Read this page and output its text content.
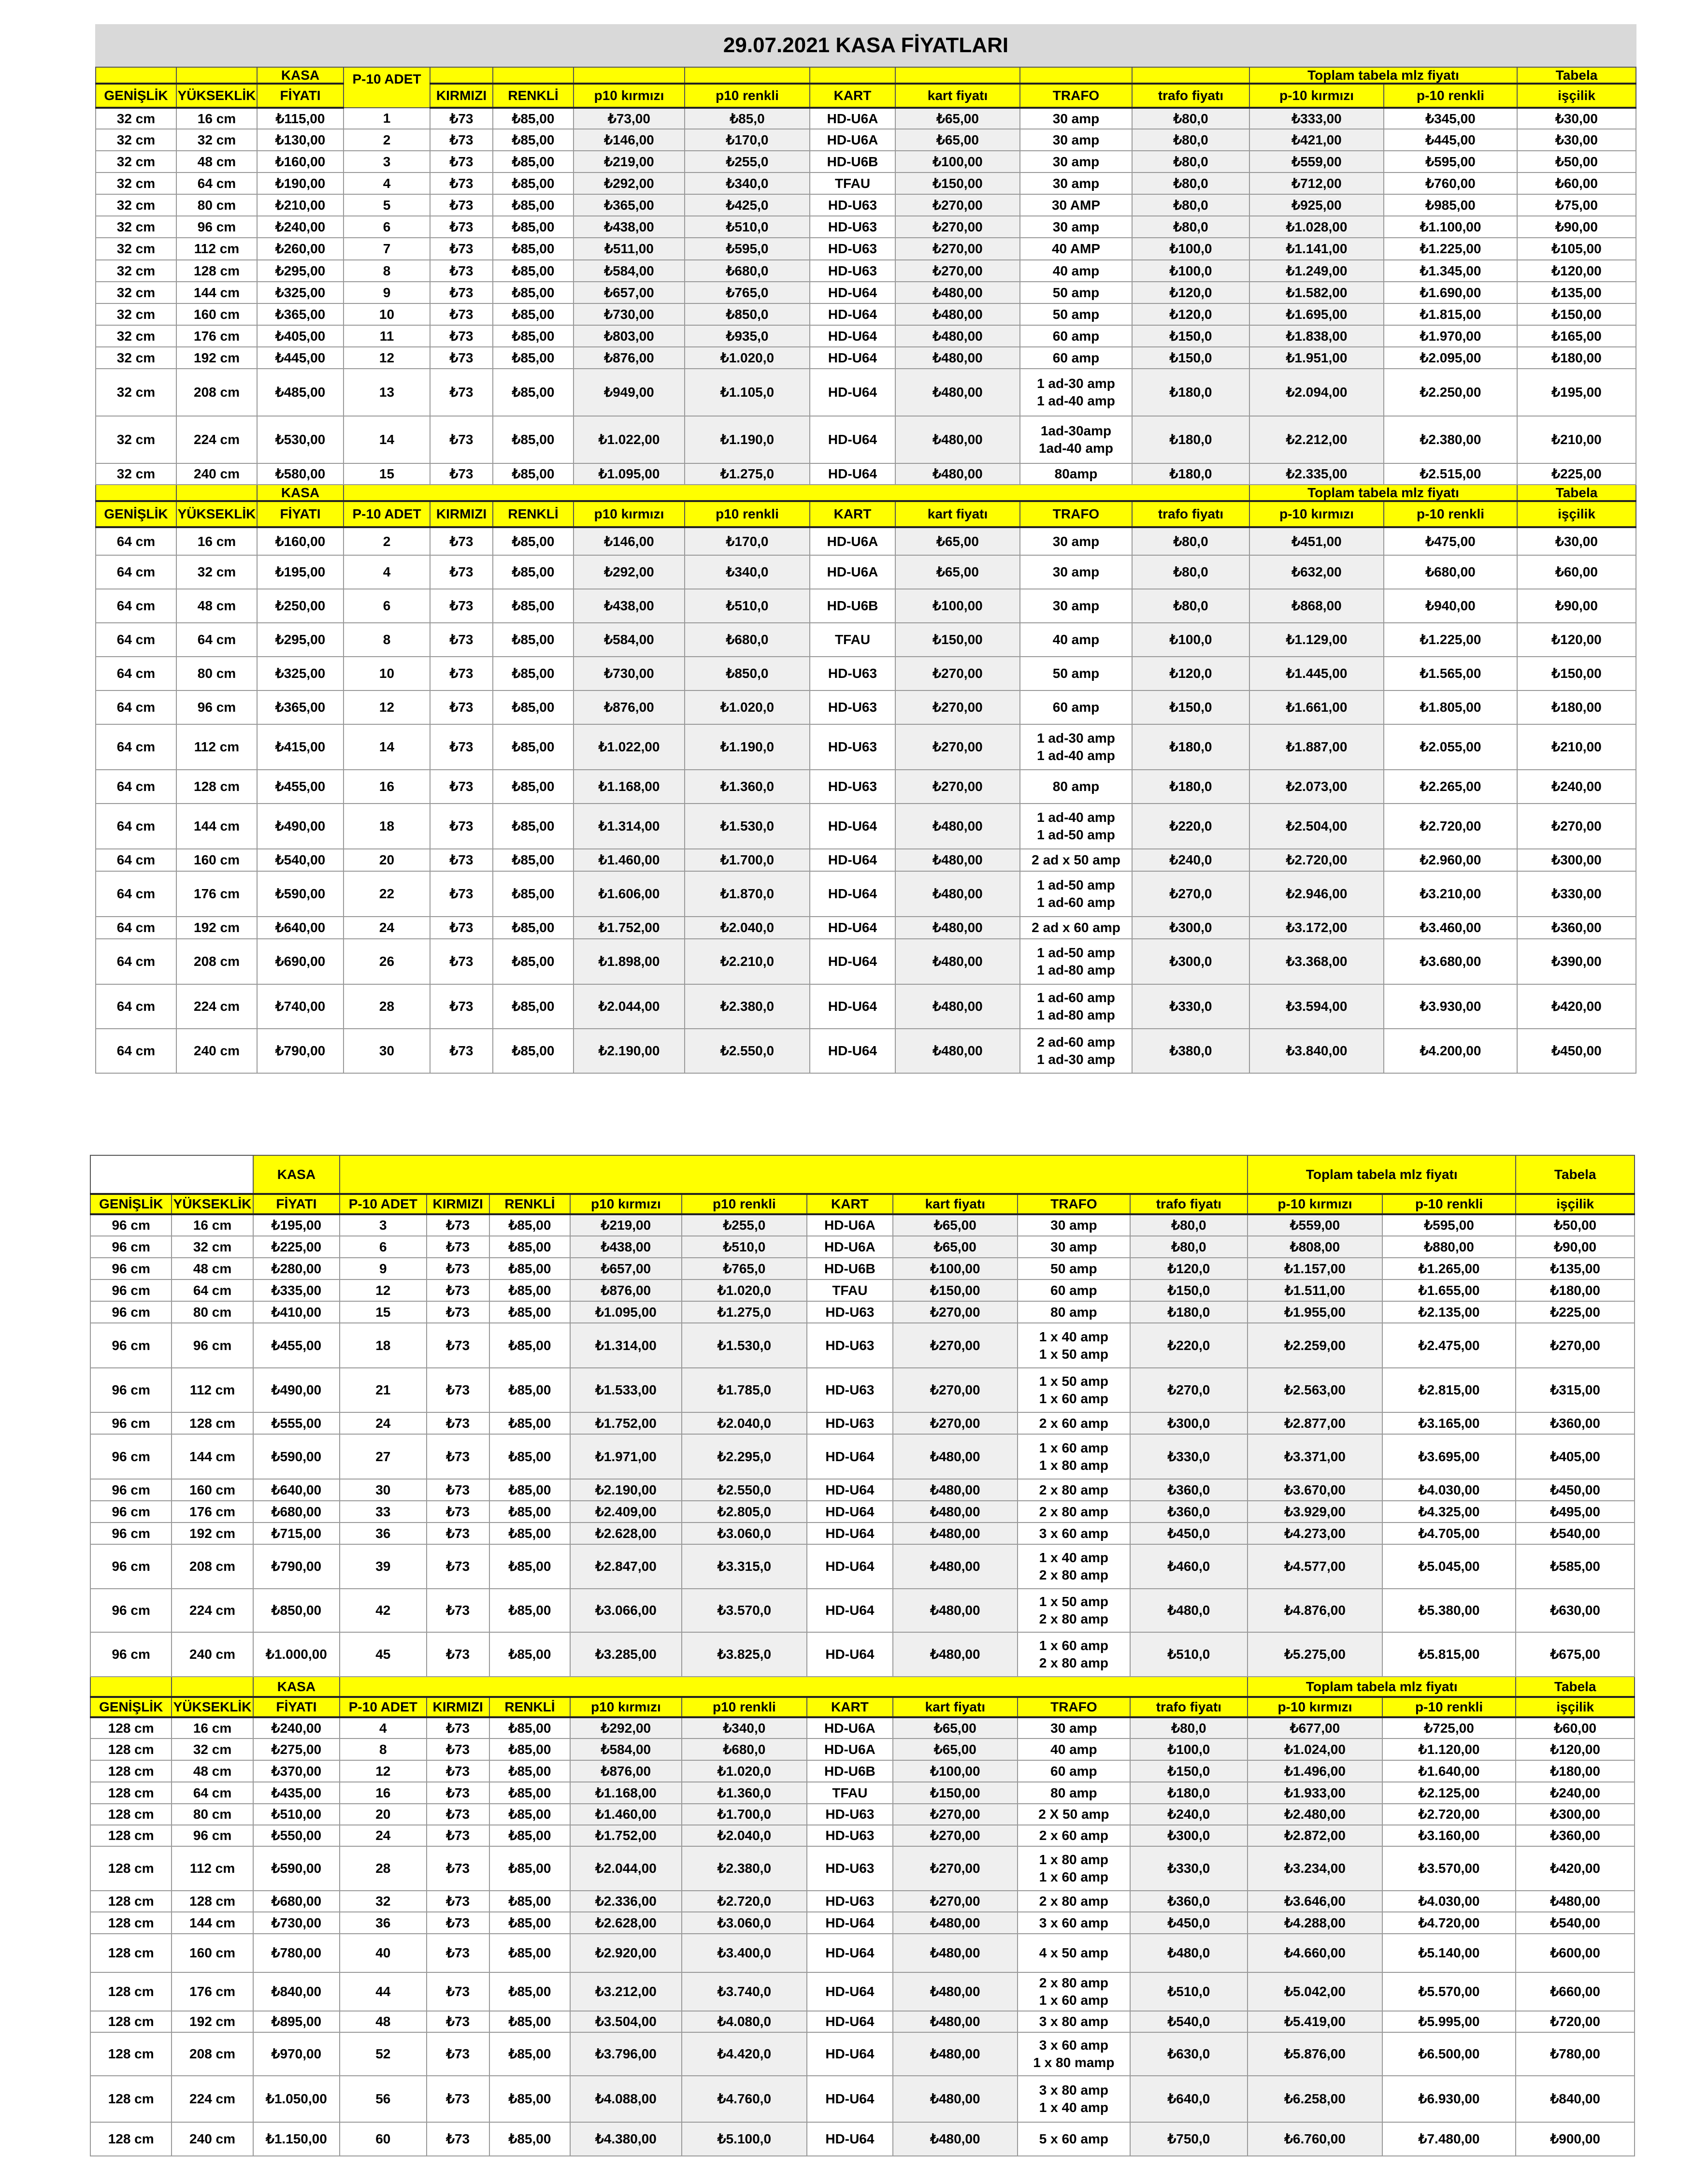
29.07.2021 KASA FİYATLARI
		KASA	P-10 ADET									Toplam tabela mlz fiyatı		Tabela
GENİŞLİK	YÜKSEKLİK	FİYATI		KIRMIZI	RENKLİ	p10 kırmızı	p10 renkli	KART	kart fiyatı	TRAFO	trafo fiyatı	p-10 kırmızı	p-10 renkli	işçilik
32 cm	16 cm	₺115,00	1	₺73	₺85,00	₺73,00	₺85,0	HD-U6A	₺65,00	30 amp	₺80,0	₺333,00	₺345,00	₺30,00
32 cm	32 cm	₺130,00	2	₺73	₺85,00	₺146,00	₺170,0	HD-U6A	₺65,00	30 amp	₺80,0	₺421,00	₺445,00	₺30,00
32 cm	48 cm	₺160,00	3	₺73	₺85,00	₺219,00	₺255,0	HD-U6B	₺100,00	30 amp	₺80,0	₺559,00	₺595,00	₺50,00
32 cm	64 cm	₺190,00	4	₺73	₺85,00	₺292,00	₺340,0	TFAU	₺150,00	30 amp	₺80,0	₺712,00	₺760,00	₺60,00
32 cm	80 cm	₺210,00	5	₺73	₺85,00	₺365,00	₺425,0	HD-U63	₺270,00	30 AMP	₺80,0	₺925,00	₺985,00	₺75,00
32 cm	96 cm	₺240,00	6	₺73	₺85,00	₺438,00	₺510,0	HD-U63	₺270,00	30 amp	₺80,0	₺1.028,00	₺1.100,00	₺90,00
32 cm	112 cm	₺260,00	7	₺73	₺85,00	₺511,00	₺595,0	HD-U63	₺270,00	40 AMP	₺100,0	₺1.141,00	₺1.225,00	₺105,00
32 cm	128 cm	₺295,00	8	₺73	₺85,00	₺584,00	₺680,0	HD-U63	₺270,00	40 amp	₺100,0	₺1.249,00	₺1.345,00	₺120,00
32 cm	144 cm	₺325,00	9	₺73	₺85,00	₺657,00	₺765,0	HD-U64	₺480,00	50 amp	₺120,0	₺1.582,00	₺1.690,00	₺135,00
32 cm	160 cm	₺365,00	10	₺73	₺85,00	₺730,00	₺850,0	HD-U64	₺480,00	50 amp	₺120,0	₺1.695,00	₺1.815,00	₺150,00
32 cm	176 cm	₺405,00	11	₺73	₺85,00	₺803,00	₺935,0	HD-U64	₺480,00	60 amp	₺150,0	₺1.838,00	₺1.970,00	₺165,00
32 cm	192 cm	₺445,00	12	₺73	₺85,00	₺876,00	₺1.020,0	HD-U64	₺480,00	60 amp	₺150,0	₺1.951,00	₺2.095,00	₺180,00
32 cm	208 cm	₺485,00	13	₺73	₺85,00	₺949,00	₺1.105,0	HD-U64	₺480,00	1 ad-30 amp
1 ad-40 amp	₺180,0	₺2.094,00	₺2.250,00	₺195,00
32 cm	224 cm	₺530,00	14	₺73	₺85,00	₺1.022,00	₺1.190,0	HD-U64	₺480,00	1ad-30amp
1ad-40 amp	₺180,0	₺2.212,00	₺2.380,00	₺210,00
32 cm	240 cm	₺580,00	15	₺73	₺85,00	₺1.095,00	₺1.275,0	HD-U64	₺480,00	80amp	₺180,0	₺2.335,00	₺2.515,00	₺225,00
		KASA										Toplam tabela mlz fiyatı		Tabela
GENİŞLİK	YÜKSEKLİK	FİYATI	P-10 ADET	KIRMIZI	RENKLİ	p10 kırmızı	p10 renkli	KART	kart fiyatı	TRAFO	trafo fiyatı	p-10 kırmızı	p-10 renkli	işçilik
64 cm	16 cm	₺160,00	2	₺73	₺85,00	₺146,00	₺170,0	HD-U6A	₺65,00	30 amp	₺80,0	₺451,00	₺475,00	₺30,00
64 cm	32 cm	₺195,00	4	₺73	₺85,00	₺292,00	₺340,0	HD-U6A	₺65,00	30 amp	₺80,0	₺632,00	₺680,00	₺60,00
64 cm	48 cm	₺250,00	6	₺73	₺85,00	₺438,00	₺510,0	HD-U6B	₺100,00	30 amp	₺80,0	₺868,00	₺940,00	₺90,00
64 cm	64 cm	₺295,00	8	₺73	₺85,00	₺584,00	₺680,0	TFAU	₺150,00	40 amp	₺100,0	₺1.129,00	₺1.225,00	₺120,00
64 cm	80 cm	₺325,00	10	₺73	₺85,00	₺730,00	₺850,0	HD-U63	₺270,00	50 amp	₺120,0	₺1.445,00	₺1.565,00	₺150,00
64 cm	96 cm	₺365,00	12	₺73	₺85,00	₺876,00	₺1.020,0	HD-U63	₺270,00	60 amp	₺150,0	₺1.661,00	₺1.805,00	₺180,00
64 cm	112 cm	₺415,00	14	₺73	₺85,00	₺1.022,00	₺1.190,0	HD-U63	₺270,00	1 ad-30 amp
1 ad-40 amp	₺180,0	₺1.887,00	₺2.055,00	₺210,00
64 cm	128 cm	₺455,00	16	₺73	₺85,00	₺1.168,00	₺1.360,0	HD-U63	₺270,00	80 amp	₺180,0	₺2.073,00	₺2.265,00	₺240,00
64 cm	144 cm	₺490,00	18	₺73	₺85,00	₺1.314,00	₺1.530,0	HD-U64	₺480,00	1 ad-40 amp
1 ad-50 amp	₺220,0	₺2.504,00	₺2.720,00	₺270,00
64 cm	160 cm	₺540,00	20	₺73	₺85,00	₺1.460,00	₺1.700,0	HD-U64	₺480,00	2 ad x 50 amp	₺240,0	₺2.720,00	₺2.960,00	₺300,00
64 cm	176 cm	₺590,00	22	₺73	₺85,00	₺1.606,00	₺1.870,0	HD-U64	₺480,00	1 ad-50 amp
1 ad-60 amp	₺270,0	₺2.946,00	₺3.210,00	₺330,00
64 cm	192 cm	₺640,00	24	₺73	₺85,00	₺1.752,00	₺2.040,0	HD-U64	₺480,00	2 ad x 60 amp	₺300,0	₺3.172,00	₺3.460,00	₺360,00
64 cm	208 cm	₺690,00	26	₺73	₺85,00	₺1.898,00	₺2.210,0	HD-U64	₺480,00	1 ad-50 amp
1 ad-80 amp	₺300,0	₺3.368,00	₺3.680,00	₺390,00
64 cm	224 cm	₺740,00	28	₺73	₺85,00	₺2.044,00	₺2.380,0	HD-U64	₺480,00	1 ad-60 amp
1 ad-80 amp	₺330,0	₺3.594,00	₺3.930,00	₺420,00
64 cm	240 cm	₺790,00	30	₺73	₺85,00	₺2.190,00	₺2.550,0	HD-U64	₺480,00	2 ad-60 amp
1 ad-30 amp	₺380,0	₺3.840,00	₺4.200,00	₺450,00
		KASA										Toplam tabela mlz fiyatı		Tabela
GENİŞLİK	YÜKSEKLİK	FİYATI	P-10 ADET	KIRMIZI	RENKLİ	p10 kırmızı	p10 renkli	KART	kart fiyatı	TRAFO	trafo fiyatı	p-10 kırmızı	p-10 renkli	işçilik
96 cm	16 cm	₺195,00	3	₺73	₺85,00	₺219,00	₺255,0	HD-U6A	₺65,00	30 amp	₺80,0	₺559,00	₺595,00	₺50,00
96 cm	32 cm	₺225,00	6	₺73	₺85,00	₺438,00	₺510,0	HD-U6A	₺65,00	30 amp	₺80,0	₺808,00	₺880,00	₺90,00
96 cm	48 cm	₺280,00	9	₺73	₺85,00	₺657,00	₺765,0	HD-U6B	₺100,00	50 amp	₺120,0	₺1.157,00	₺1.265,00	₺135,00
96 cm	64 cm	₺335,00	12	₺73	₺85,00	₺876,00	₺1.020,0	TFAU	₺150,00	60 amp	₺150,0	₺1.511,00	₺1.655,00	₺180,00
96 cm	80 cm	₺410,00	15	₺73	₺85,00	₺1.095,00	₺1.275,0	HD-U63	₺270,00	80 amp	₺180,0	₺1.955,00	₺2.135,00	₺225,00
96 cm	96 cm	₺455,00	18	₺73	₺85,00	₺1.314,00	₺1.530,0	HD-U63	₺270,00	1 x 40 amp
1 x 50 amp	₺220,0	₺2.259,00	₺2.475,00	₺270,00
96 cm	112 cm	₺490,00	21	₺73	₺85,00	₺1.533,00	₺1.785,0	HD-U63	₺270,00	1 x 50 amp
1 x 60 amp	₺270,0	₺2.563,00	₺2.815,00	₺315,00
96 cm	128 cm	₺555,00	24	₺73	₺85,00	₺1.752,00	₺2.040,0	HD-U63	₺270,00	2 x 60 amp	₺300,0	₺2.877,00	₺3.165,00	₺360,00
96 cm	144 cm	₺590,00	27	₺73	₺85,00	₺1.971,00	₺2.295,0	HD-U64	₺480,00	1 x 60 amp
1 x 80 amp	₺330,0	₺3.371,00	₺3.695,00	₺405,00
96 cm	160 cm	₺640,00	30	₺73	₺85,00	₺2.190,00	₺2.550,0	HD-U64	₺480,00	2 x 80 amp	₺360,0	₺3.670,00	₺4.030,00	₺450,00
96 cm	176 cm	₺680,00	33	₺73	₺85,00	₺2.409,00	₺2.805,0	HD-U64	₺480,00	2 x 80 amp	₺360,0	₺3.929,00	₺4.325,00	₺495,00
96 cm	192 cm	₺715,00	36	₺73	₺85,00	₺2.628,00	₺3.060,0	HD-U64	₺480,00	3 x 60 amp	₺450,0	₺4.273,00	₺4.705,00	₺540,00
96 cm	208 cm	₺790,00	39	₺73	₺85,00	₺2.847,00	₺3.315,0	HD-U64	₺480,00	1 x 40 amp
2 x 80 amp	₺460,0	₺4.577,00	₺5.045,00	₺585,00
96 cm	224 cm	₺850,00	42	₺73	₺85,00	₺3.066,00	₺3.570,0	HD-U64	₺480,00	1 x 50 amp
2 x 80 amp	₺480,0	₺4.876,00	₺5.380,00	₺630,00
96 cm	240 cm	₺1.000,00	45	₺73	₺85,00	₺3.285,00	₺3.825,0	HD-U64	₺480,00	1 x 60 amp
2 x 80 amp	₺510,0	₺5.275,00	₺5.815,00	₺675,00
		KASA										Toplam tabela mlz fiyatı		Tabela
GENİŞLİK	YÜKSEKLİK	FİYATI	P-10 ADET	KIRMIZI	RENKLİ	p10 kırmızı	p10 renkli	KART	kart fiyatı	TRAFO	trafo fiyatı	p-10 kırmızı	p-10 renkli	işçilik
128 cm	16 cm	₺240,00	4	₺73	₺85,00	₺292,00	₺340,0	HD-U6A	₺65,00	30 amp	₺80,0	₺677,00	₺725,00	₺60,00
128 cm	32 cm	₺275,00	8	₺73	₺85,00	₺584,00	₺680,0	HD-U6A	₺65,00	40 amp	₺100,0	₺1.024,00	₺1.120,00	₺120,00
128 cm	48 cm	₺370,00	12	₺73	₺85,00	₺876,00	₺1.020,0	HD-U6B	₺100,00	60 amp	₺150,0	₺1.496,00	₺1.640,00	₺180,00
128 cm	64 cm	₺435,00	16	₺73	₺85,00	₺1.168,00	₺1.360,0	TFAU	₺150,00	80 amp	₺180,0	₺1.933,00	₺2.125,00	₺240,00
128 cm	80 cm	₺510,00	20	₺73	₺85,00	₺1.460,00	₺1.700,0	HD-U63	₺270,00	2 X 50 amp	₺240,0	₺2.480,00	₺2.720,00	₺300,00
128 cm	96 cm	₺550,00	24	₺73	₺85,00	₺1.752,00	₺2.040,0	HD-U63	₺270,00	2 x 60 amp	₺300,0	₺2.872,00	₺3.160,00	₺360,00
128 cm	112 cm	₺590,00	28	₺73	₺85,00	₺2.044,00	₺2.380,0	HD-U63	₺270,00	1 x 80 amp
1 x 60 amp	₺330,0	₺3.234,00	₺3.570,00	₺420,00
128 cm	128 cm	₺680,00	32	₺73	₺85,00	₺2.336,00	₺2.720,0	HD-U63	₺270,00	2 x 80 amp	₺360,0	₺3.646,00	₺4.030,00	₺480,00
128 cm	144 cm	₺730,00	36	₺73	₺85,00	₺2.628,00	₺3.060,0	HD-U64	₺480,00	3 x 60 amp	₺450,0	₺4.288,00	₺4.720,00	₺540,00
128 cm	160 cm	₺780,00	40	₺73	₺85,00	₺2.920,00	₺3.400,0	HD-U64	₺480,00	4 x 50 amp	₺480,0	₺4.660,00	₺5.140,00	₺600,00
128 cm	176 cm	₺840,00	44	₺73	₺85,00	₺3.212,00	₺3.740,0	HD-U64	₺480,00	2 x 80 amp
1 x 60 amp	₺510,0	₺5.042,00	₺5.570,00	₺660,00
128 cm	192 cm	₺895,00	48	₺73	₺85,00	₺3.504,00	₺4.080,0	HD-U64	₺480,00	3 x 80 amp	₺540,0	₺5.419,00	₺5.995,00	₺720,00
128 cm	208 cm	₺970,00	52	₺73	₺85,00	₺3.796,00	₺4.420,0	HD-U64	₺480,00	3 x 60 amp
1 x 80 mamp	₺630,0	₺5.876,00	₺6.500,00	₺780,00
128 cm	224 cm	₺1.050,00	56	₺73	₺85,00	₺4.088,00	₺4.760,0	HD-U64	₺480,00	3 x 80 amp
1 x 40 amp	₺640,0	₺6.258,00	₺6.930,00	₺840,00
128 cm	240 cm	₺1.150,00	60	₺73	₺85,00	₺4.380,00	₺5.100,0	HD-U64	₺480,00	5 x 60 amp	₺750,0	₺6.760,00	₺7.480,00	₺900,00
